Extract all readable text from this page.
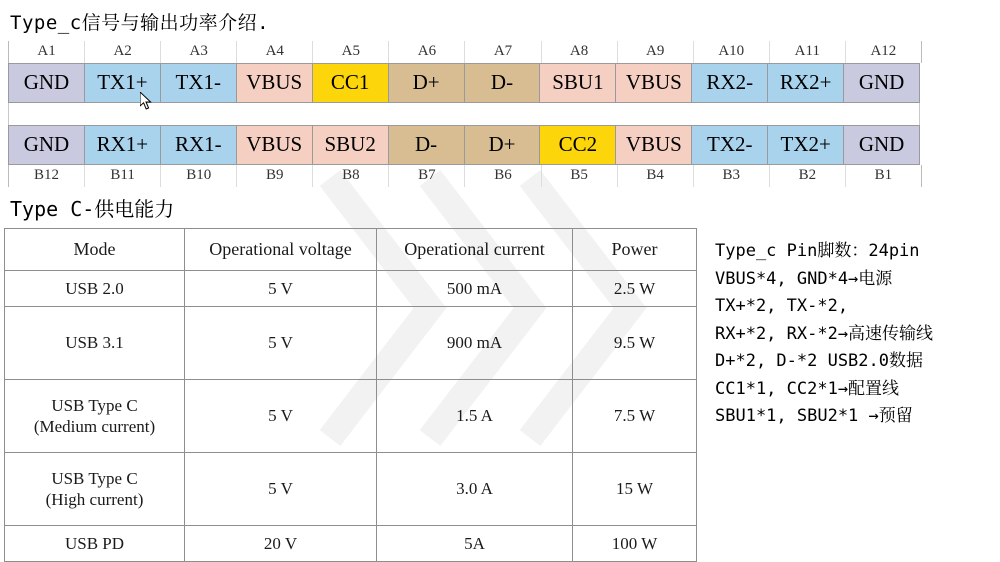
Type_c信号与输出功率介绍.
A1	A2	A3	A4	A5	A6	A7	A8	A9	A10	A11	A12
GND	TX1+	TX1-	VBUS	CC1	D+	D-	SBU1	VBUS	RX2-	RX2+	GND
GND	RX1+	RX1-	VBUS	SBU2	D-	D+	CC2	VBUS	TX2-	TX2+	GND
B12	B11	B10	B9	B8	B7	B6	B5	B4	B3	B2	B1
Type C-供电能力
Mode	Operational voltage	Operational current	Power
USB 2.0	5 V	500 mA	2.5 W
USB 3.1	5 V	900 mA	9.5 W

USB Type C
(Medium current)	5 V	1.5 A	7.5 W

USB Type C
(High current)	5 V	3.0 A	15 W
USB PD	20 V	5A	100 W
Type_c Pin脚数：24pin
VBUS*4, GND*4→电源
TX+*2, TX-*2,
RX+*2, RX-*2→高速传输线
D+*2, D-*2 USB2.0数据
CC1*1, CC2*1→配置线
SBU1*1, SBU2*1 →预留
